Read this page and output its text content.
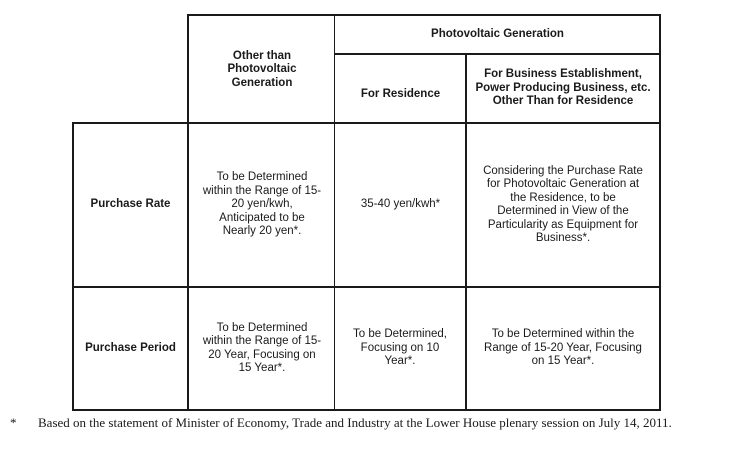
Other than Photovoltaic Generation
Photovoltaic Generation
For Residence
For Business Establishment, Power Producing Business, etc. Other Than for Residence
Purchase Rate
To be Determined within the Range of 15-20 yen/kwh, Anticipated to be Nearly 20 yen*.
35-40 yen/kwh*
Considering the Purchase Rate for Photovoltaic Generation at the Residence, to be Determined in View of the Particularity as Equipment for Business*.
Purchase Period
To be Determined within the Range of 15-20 Year, Focusing on 15 Year*.
To be Determined, Focusing on 10 Year*.
To be Determined within the Range of 15-20 Year, Focusing on 15 Year*.
* Based on the statement of Minister of Economy, Trade and Industry at the Lower House plenary session on July 14, 2011.
